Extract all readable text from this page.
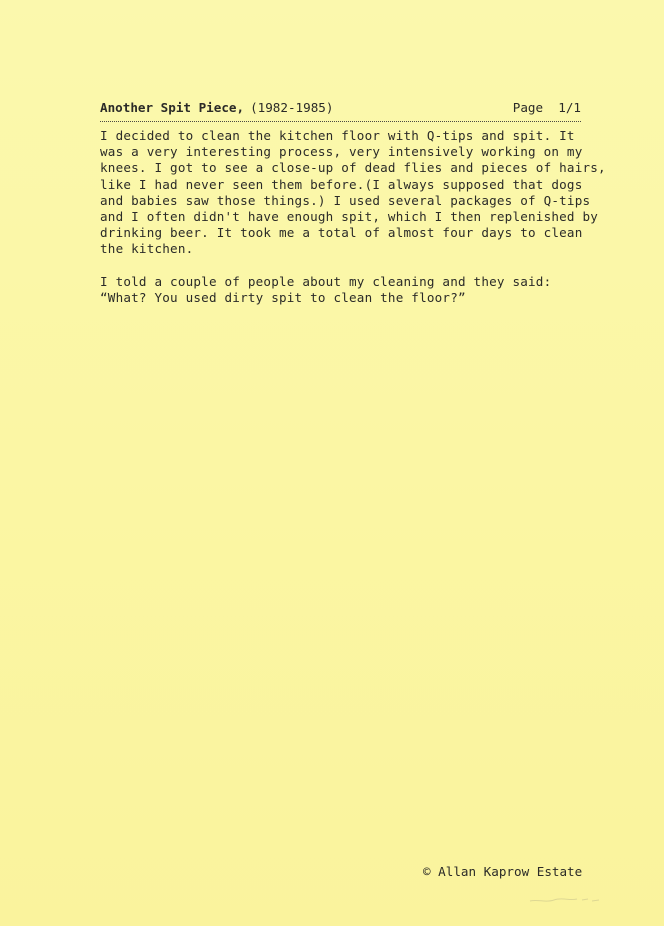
Another Spit Piece, (1982-1985)	Page  1/1

I decided to clean the kitchen floor with Q-tips and spit. It
was a very interesting process, very intensively working on my
knees. I got to see a close-up of dead flies and pieces of hairs,
like I had never seen them before.(I always supposed that dogs
and babies saw those things.) I used several packages of Q-tips
and I often didn't have enough spit, which I then replenished by
drinking beer. It took me a total of almost four days to clean
the kitchen.

I told a couple of people about my cleaning and they said:
“What? You used dirty spit to clean the floor?”

© Allan Kaprow Estate
